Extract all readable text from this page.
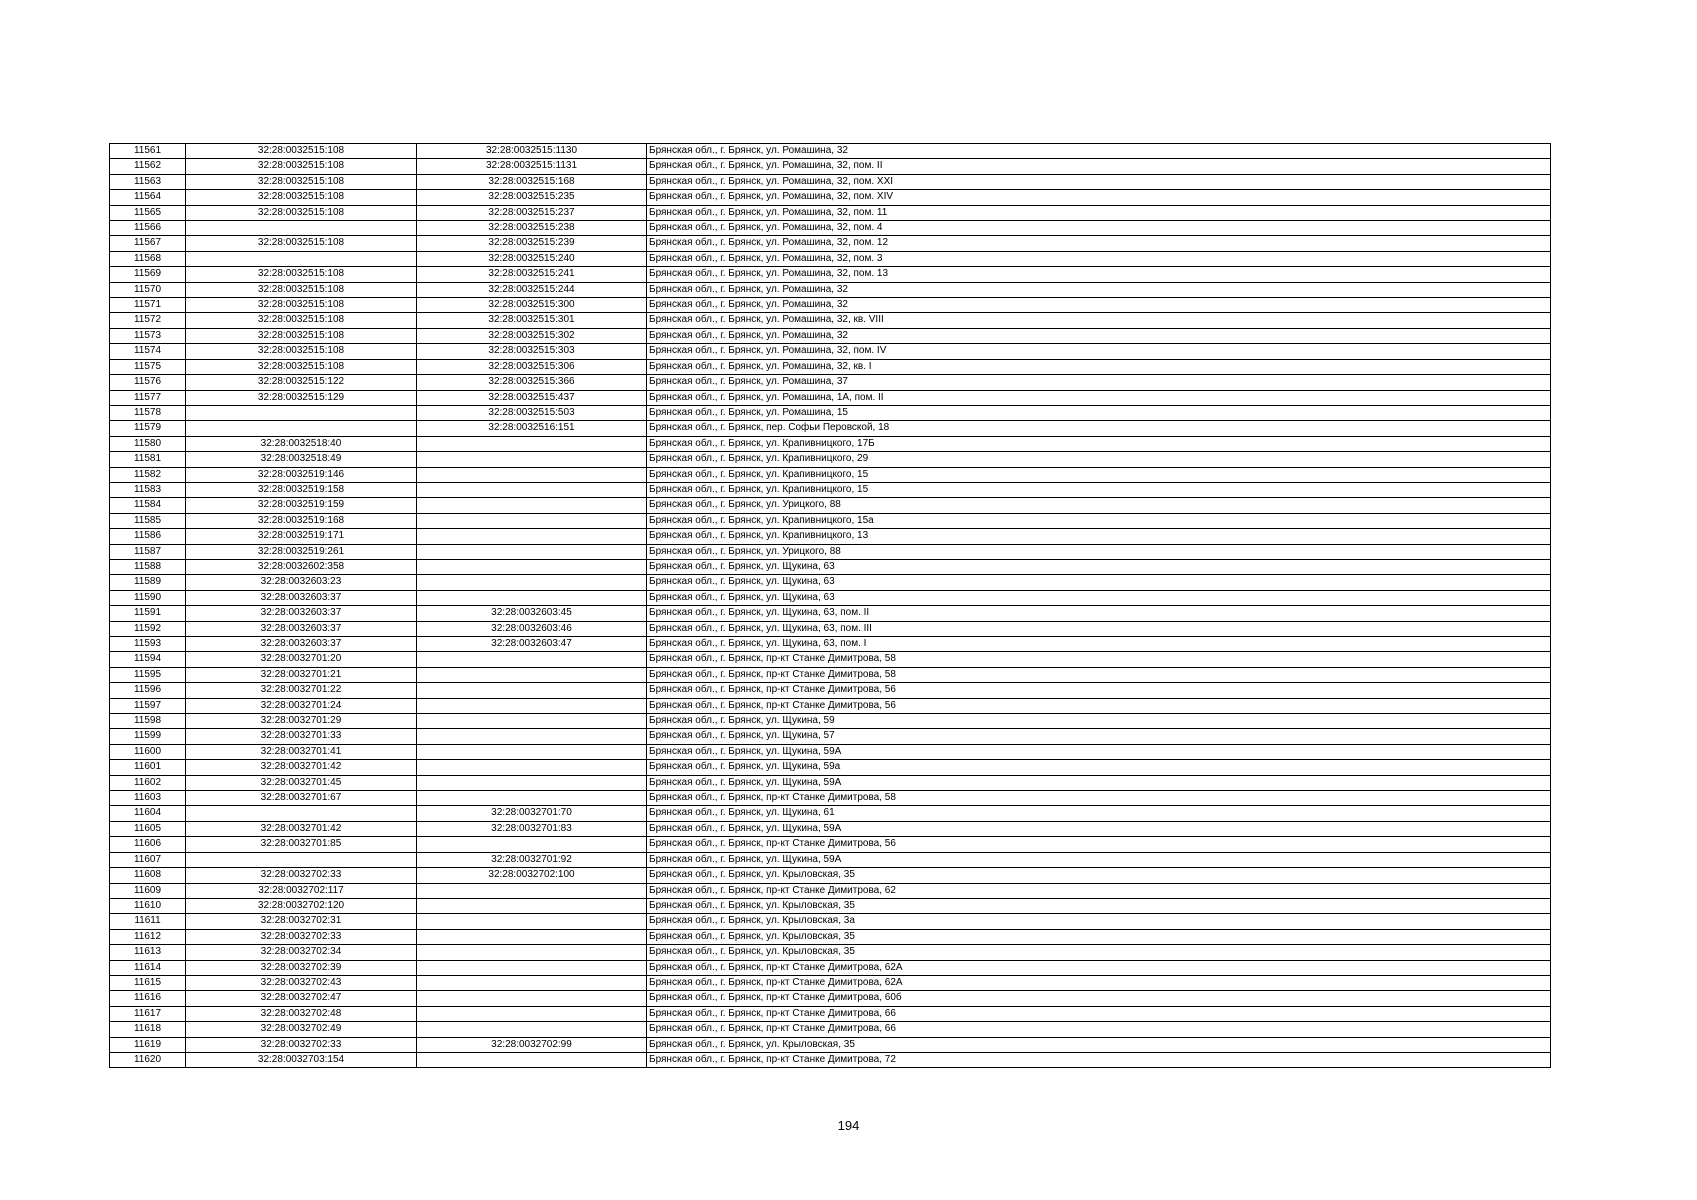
11561	32:28:0032515:108	32:28:0032515:1130	Брянская обл., г. Брянск, ул. Ромашина, 32
11562	32:28:0032515:108	32:28:0032515:1131	Брянская обл., г. Брянск, ул. Ромашина, 32, пом. II
11563	32:28:0032515:108	32:28:0032515:168	Брянская обл., г. Брянск, ул. Ромашина, 32, пом. XXI
11564	32:28:0032515:108	32:28:0032515:235	Брянская обл., г. Брянск, ул. Ромашина, 32, пом. XIV
11565	32:28:0032515:108	32:28:0032515:237	Брянская обл., г. Брянск, ул. Ромашина, 32, пом. 11
11566		32:28:0032515:238	Брянская обл., г. Брянск, ул. Ромашина, 32, пом. 4
11567	32:28:0032515:108	32:28:0032515:239	Брянская обл., г. Брянск, ул. Ромашина, 32, пом. 12
11568		32:28:0032515:240	Брянская обл., г. Брянск, ул. Ромашина, 32, пом. 3
11569	32:28:0032515:108	32:28:0032515:241	Брянская обл., г. Брянск, ул. Ромашина, 32, пом. 13
11570	32:28:0032515:108	32:28:0032515:244	Брянская обл., г. Брянск, ул. Ромашина, 32
11571	32:28:0032515:108	32:28:0032515:300	Брянская обл., г. Брянск, ул. Ромашина, 32
11572	32:28:0032515:108	32:28:0032515:301	Брянская обл., г. Брянск, ул. Ромашина, 32, кв. VIII
11573	32:28:0032515:108	32:28:0032515:302	Брянская обл., г. Брянск, ул. Ромашина, 32
11574	32:28:0032515:108	32:28:0032515:303	Брянская обл., г. Брянск, ул. Ромашина, 32, пом. IV
11575	32:28:0032515:108	32:28:0032515:306	Брянская обл., г. Брянск, ул. Ромашина, 32, кв. I
11576	32:28:0032515:122	32:28:0032515:366	Брянская обл., г. Брянск, ул. Ромашина, 37
11577	32:28:0032515:129	32:28:0032515:437	Брянская обл., г. Брянск, ул. Ромашина, 1А, пом. II
11578		32:28:0032515:503	Брянская обл., г. Брянск, ул. Ромашина, 15
11579		32:28:0032516:151	Брянская обл., г. Брянск, пер. Софьи Перовской, 18
11580	32:28:0032518:40		Брянская обл., г. Брянск, ул. Крапивницкого, 17Б
11581	32:28:0032518:49		Брянская обл., г. Брянск, ул. Крапивницкого, 29
11582	32:28:0032519:146		Брянская обл., г. Брянск, ул. Крапивницкого, 15
11583	32:28:0032519:158		Брянская обл., г. Брянск, ул. Крапивницкого, 15
11584	32:28:0032519:159		Брянская обл., г. Брянск, ул. Урицкого, 88
11585	32:28:0032519:168		Брянская обл., г. Брянск, ул. Крапивницкого, 15а
11586	32:28:0032519:171		Брянская обл., г. Брянск, ул. Крапивницкого, 13
11587	32:28:0032519:261		Брянская обл., г. Брянск, ул. Урицкого, 88
11588	32:28:0032602:358		Брянская обл., г. Брянск, ул. Щукина, 63
11589	32:28:0032603:23		Брянская обл., г. Брянск, ул. Щукина, 63
11590	32:28:0032603:37		Брянская обл., г. Брянск, ул. Щукина, 63
11591	32:28:0032603:37	32:28:0032603:45	Брянская обл., г. Брянск, ул. Щукина, 63, пом. II
11592	32:28:0032603:37	32:28:0032603:46	Брянская обл., г. Брянск, ул. Щукина, 63, пом. III
11593	32:28:0032603:37	32:28:0032603:47	Брянская обл., г. Брянск, ул. Щукина, 63, пом. I
11594	32:28:0032701:20		Брянская обл., г. Брянск, пр-кт Станке Димитрова, 58
11595	32:28:0032701:21		Брянская обл., г. Брянск, пр-кт Станке Димитрова, 58
11596	32:28:0032701:22		Брянская обл., г. Брянск, пр-кт Станке Димитрова, 56
11597	32:28:0032701:24		Брянская обл., г. Брянск, пр-кт Станке Димитрова, 56
11598	32:28:0032701:29		Брянская обл., г. Брянск, ул. Щукина, 59
11599	32:28:0032701:33		Брянская обл., г. Брянск, ул. Щукина, 57
11600	32:28:0032701:41		Брянская обл., г. Брянск, ул. Щукина, 59А
11601	32:28:0032701:42		Брянская обл., г. Брянск, ул. Щукина, 59а
11602	32:28:0032701:45		Брянская обл., г. Брянск, ул. Щукина, 59А
11603	32:28:0032701:67		Брянская обл., г. Брянск, пр-кт Станке Димитрова, 58
11604		32:28:0032701:70	Брянская обл., г. Брянск, ул. Щукина, 61
11605	32:28:0032701:42	32:28:0032701:83	Брянская обл., г. Брянск, ул. Щукина, 59А
11606	32:28:0032701:85		Брянская обл., г. Брянск, пр-кт Станке Димитрова, 56
11607		32:28:0032701:92	Брянская обл., г. Брянск, ул. Щукина, 59А
11608	32:28:0032702:33	32:28:0032702:100	Брянская обл., г. Брянск, ул. Крыловская, 35
11609	32:28:0032702:117		Брянская обл., г. Брянск, пр-кт Станке Димитрова, 62
11610	32:28:0032702:120		Брянская обл., г. Брянск, ул. Крыловская, 35
11611	32:28:0032702:31		Брянская обл., г. Брянск, ул. Крыловская, 3а
11612	32:28:0032702:33		Брянская обл., г. Брянск, ул. Крыловская, 35
11613	32:28:0032702:34		Брянская обл., г. Брянск, ул. Крыловская, 35
11614	32:28:0032702:39		Брянская обл., г. Брянск, пр-кт Станке Димитрова, 62А
11615	32:28:0032702:43		Брянская обл., г. Брянск, пр-кт Станке Димитрова, 62А
11616	32:28:0032702:47		Брянская обл., г. Брянск, пр-кт Станке Димитрова, 60б
11617	32:28:0032702:48		Брянская обл., г. Брянск, пр-кт Станке Димитрова, 66
11618	32:28:0032702:49		Брянская обл., г. Брянск, пр-кт Станке Димитрова, 66
11619	32:28:0032702:33	32:28:0032702:99	Брянская обл., г. Брянск, ул. Крыловская, 35
11620	32:28:0032703:154		Брянская обл., г. Брянск, пр-кт Станке Димитрова, 72
194
